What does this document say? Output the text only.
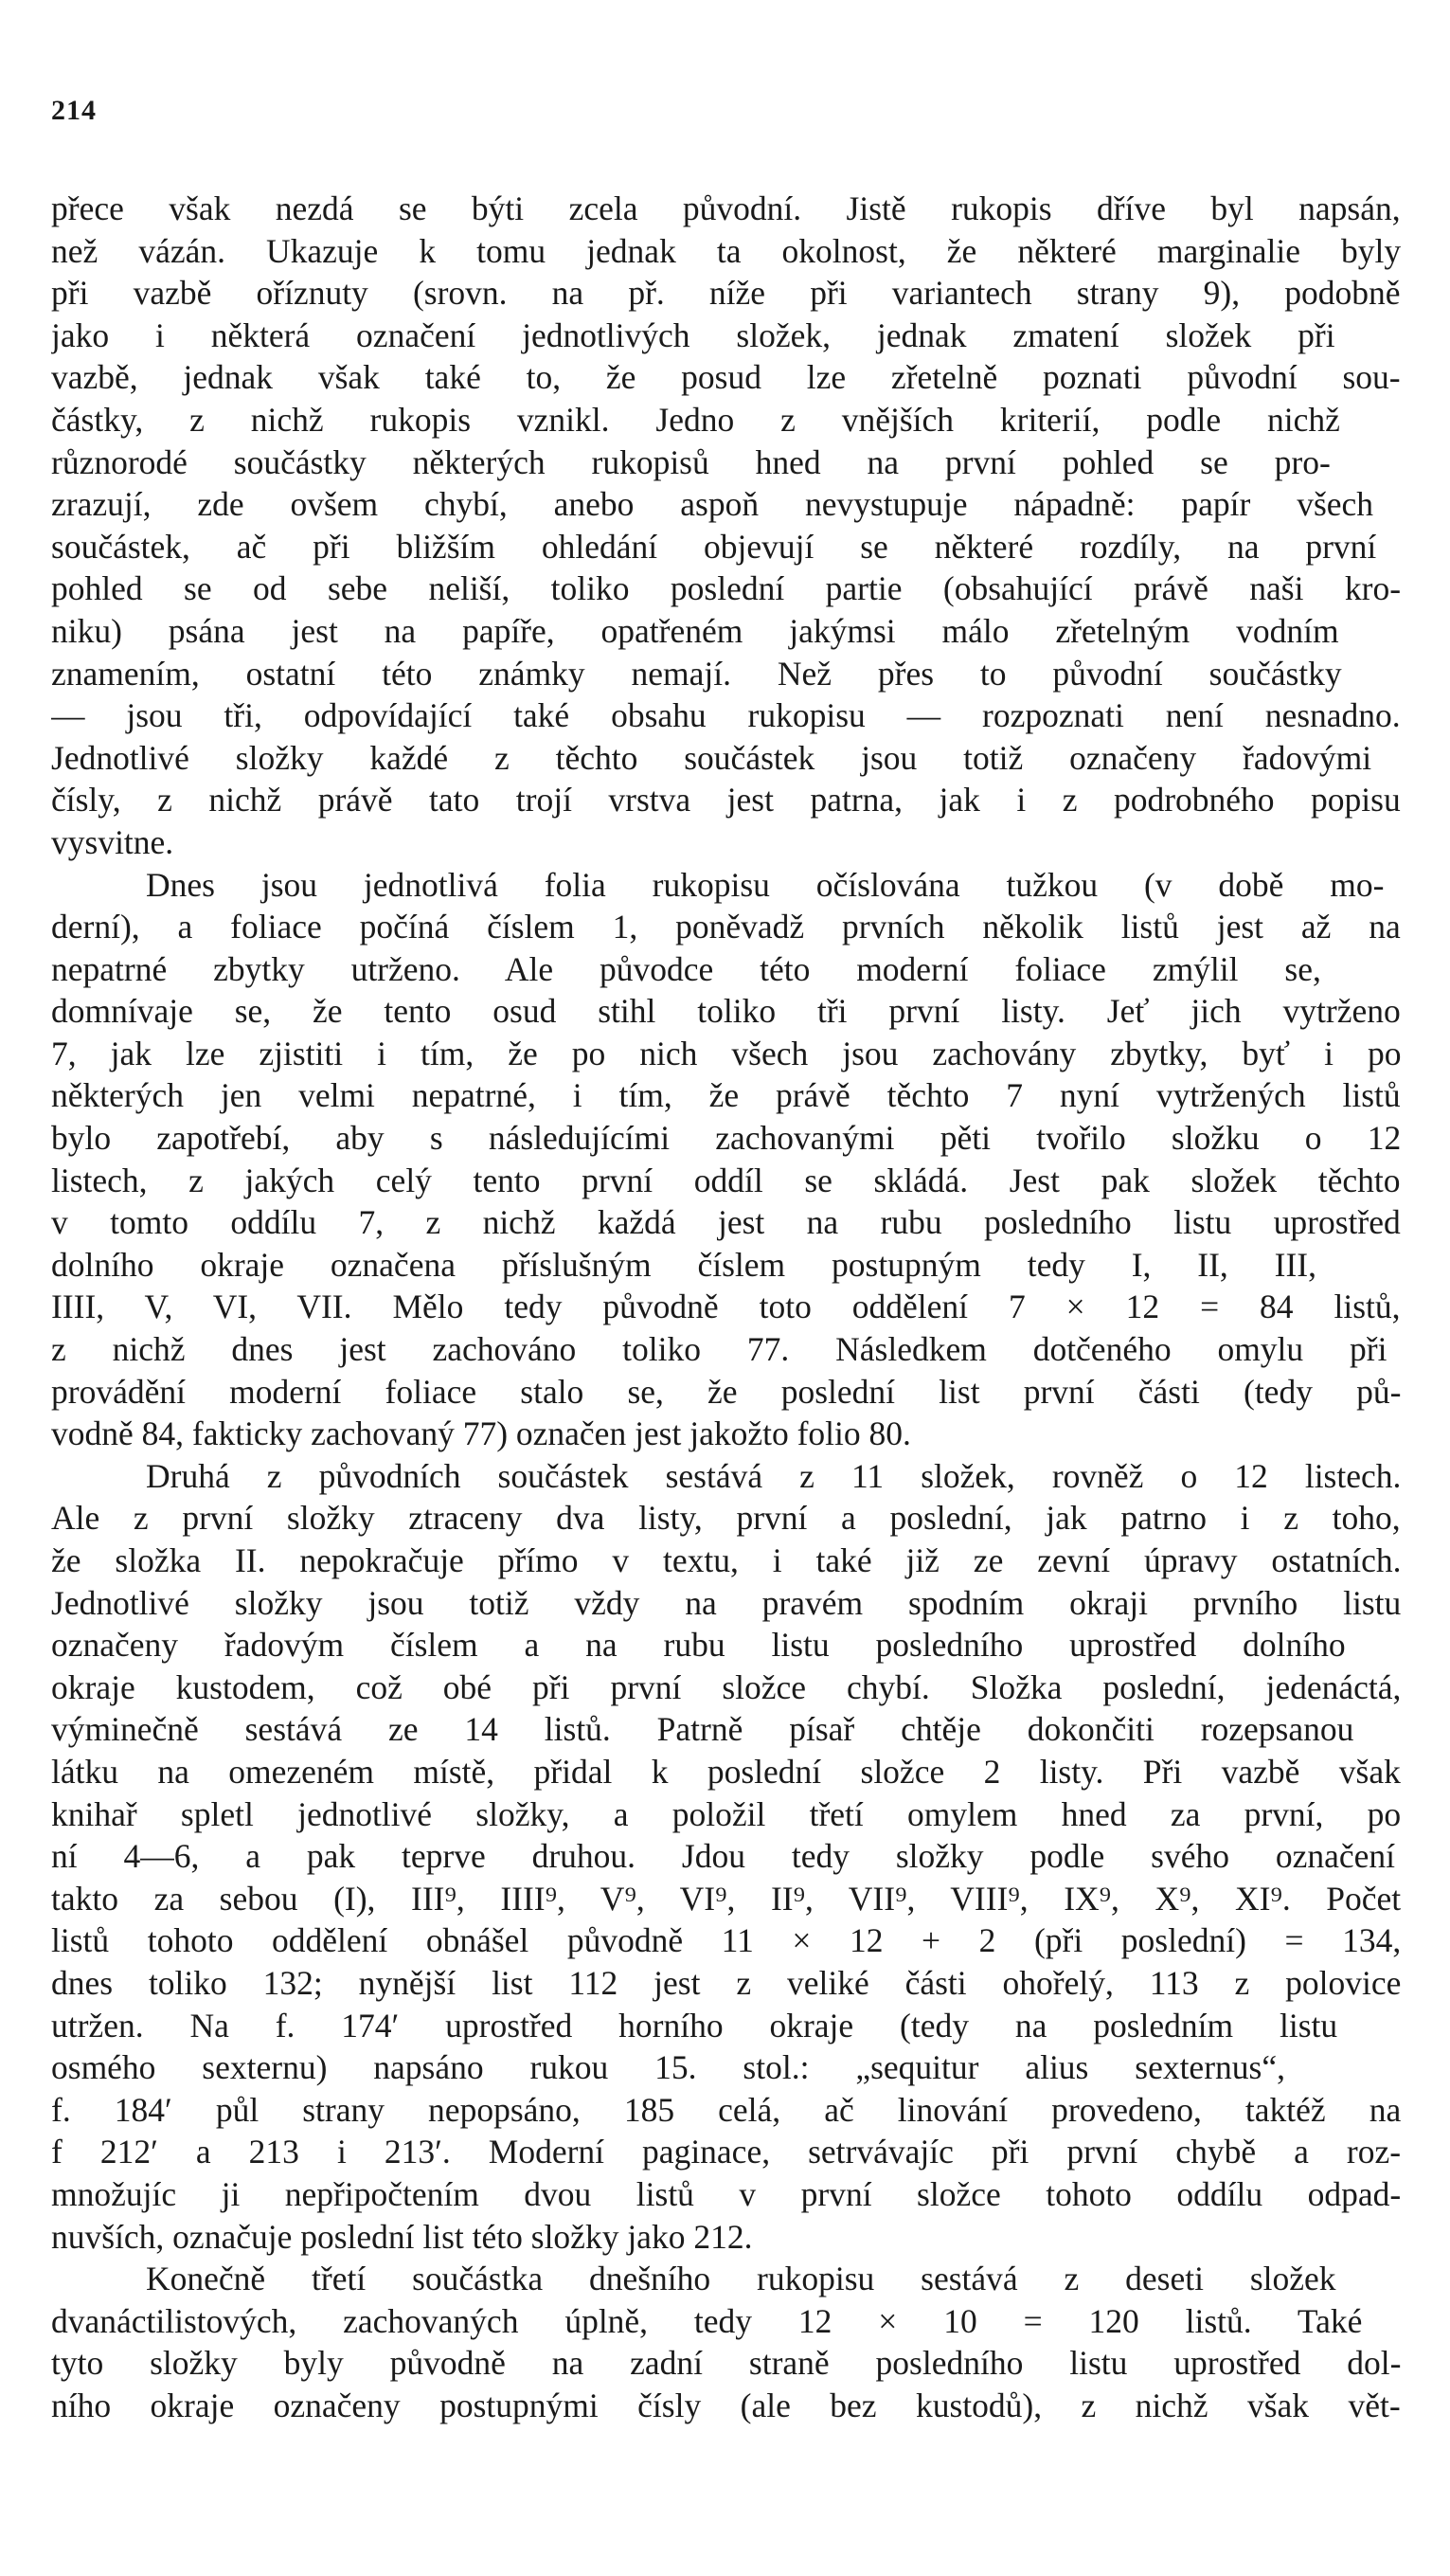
214
přece však nezdá se býti zcela původní. Jistě rukopis dříve byl napsán,
než vázán. Ukazuje k tomu jednak ta okolnost, že některé marginalie byly
při vazbě oříznuty (srovn. na př. níže při variantech strany 9), podobně
jako i některá označení jednotlivých složek, jednak zmatení složek při
vazbě, jednak však také to, že posud lze zřetelně poznati původní sou-
částky, z nichž rukopis vznikl. Jedno z vnějších kriterií, podle nichž
různorodé součástky některých rukopisů hned na první pohled se pro-
zrazují, zde ovšem chybí, anebo aspoň nevystupuje nápadně: papír všech
součástek, ač při bližším ohledání objevují se některé rozdíly, na první
pohled se od sebe neliší, toliko poslední partie (obsahující právě naši kro-
niku) psána jest na papíře, opatřeném jakýmsi málo zřetelným vodním
znamením, ostatní této známky nemají. Než přes to původní součástky
— jsou tři, odpovídající také obsahu rukopisu — rozpoznati není nesnadno.
Jednotlivé složky každé z těchto součástek jsou totiž označeny řadovými
čísly, z nichž právě tato trojí vrstva jest patrna, jak i z podrobného popisu
vysvitne.
Dnes jsou jednotlivá folia rukopisu očíslována tužkou (v době mo-
derní), a foliace počíná číslem 1, poněvadž prvních několik listů jest až na
nepatrné zbytky utrženo. Ale původce této moderní foliace zmýlil se,
domnívaje se, že tento osud stihl toliko tři první listy. Jeť jich vytrženo
7, jak lze zjistiti i tím, že po nich všech jsou zachovány zbytky, byť i po
některých jen velmi nepatrné, i tím, že právě těchto 7 nyní vytržených listů
bylo zapotřebí, aby s následujícími zachovanými pěti tvořilo složku o 12
listech, z jakých celý tento první oddíl se skládá. Jest pak složek těchto
v tomto oddílu 7, z nichž každá jest na rubu posledního listu uprostřed
dolního okraje označena příslušným číslem postupným tedy I, II, III,
IIII, V, VI, VII. Mělo tedy původně toto oddělení 7 × 12 = 84 listů,
z nichž dnes jest zachováno toliko 77. Následkem dotčeného omylu při
provádění moderní foliace stalo se, že poslední list první části (tedy pů-
vodně 84, fakticky zachovaný 77) označen jest jakožto folio 80.
Druhá z původních součástek sestává z 11 složek, rovněž o 12 listech.
Ale z první složky ztraceny dva listy, první a poslední, jak patrno i z toho,
že složka II. nepokračuje přímo v textu, i také již ze zevní úpravy ostatních.
Jednotlivé složky jsou totiž vždy na pravém spodním okraji prvního listu
označeny řadovým číslem a na rubu listu posledního uprostřed dolního
okraje kustodem, což obé při první složce chybí. Složka poslední, jedenáctá,
výminečně sestává ze 14 listů. Patrně písař chtěje dokončiti rozepsanou
látku na omezeném místě, přidal k poslední složce 2 listy. Při vazbě však
knihař spletl jednotlivé složky, a položil třetí omylem hned za první, po
ní 4—6, a pak teprve druhou. Jdou tedy složky podle svého označení
takto za sebou (I), III⁹, IIII⁹, V⁹, VI⁹, II⁹, VII⁹, VIII⁹, IX⁹, X⁹, XI⁹. Počet
listů tohoto oddělení obnášel původně 11 × 12 + 2 (při poslední) = 134,
dnes toliko 132; nynější list 112 jest z veliké části ohořelý, 113 z polovice
utržen. Na f. 174′ uprostřed horního okraje (tedy na posledním listu
osmého sexternu) napsáno rukou 15. stol.: „sequitur alius sexternus“,
f. 184′ půl strany nepopsáno, 185 celá, ač linování provedeno, taktéž na
f 212′ a 213 i 213′. Moderní paginace, setrvávajíc při první chybě a roz-
množujíc ji nepřipočtením dvou listů v první složce tohoto oddílu odpad-
nuvších, označuje poslední list této složky jako 212.
Konečně třetí součástka dnešního rukopisu sestává z deseti složek
dvanáctilistových, zachovaných úplně, tedy 12 × 10 = 120 listů. Také
tyto složky byly původně na zadní straně posledního listu uprostřed dol-
ního okraje označeny postupnými čísly (ale bez kustodů), z nichž však vět-
